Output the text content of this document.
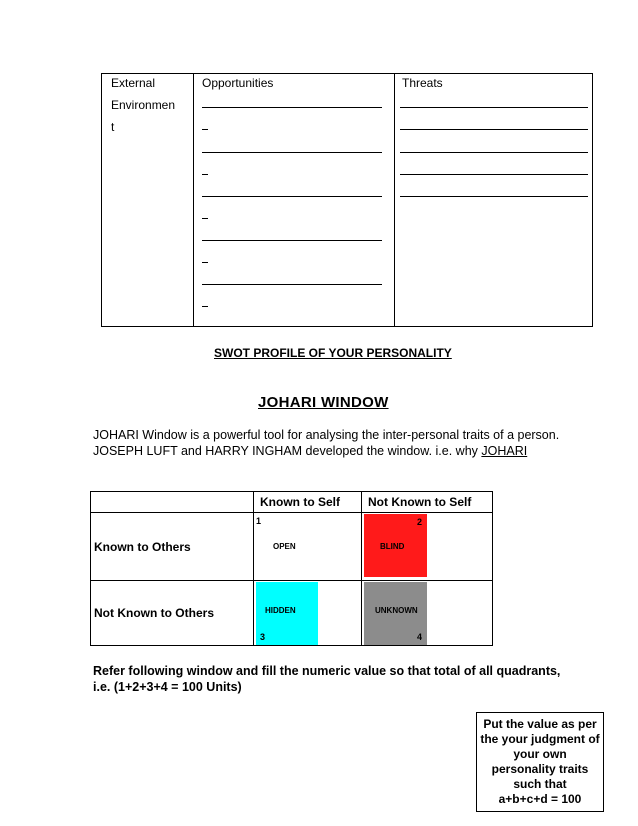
External
Environmen
t
Opportunities	Threats
SWOT PROFILE OF YOUR PERSONALITY
JOHARI WINDOW
JOHARI Window is a powerful tool for analysing the inter-personal traits of a person.
JOSEPH LUFT and HARRY INGHAM developed the window. i.e. why JOHARI
Known to Self Not Known to Self
Known to Others
Not Known to Others
1
OPEN
2
BLIND
HIDDEN
3
UNKNOWN
4
Refer following window and fill the numeric value so that total of all quadrants,
i.e. (1+2+3+4 = 100 Units)
Put the value as per
the your judgment of
your own
personality traits
such that
a+b+c+d = 100
